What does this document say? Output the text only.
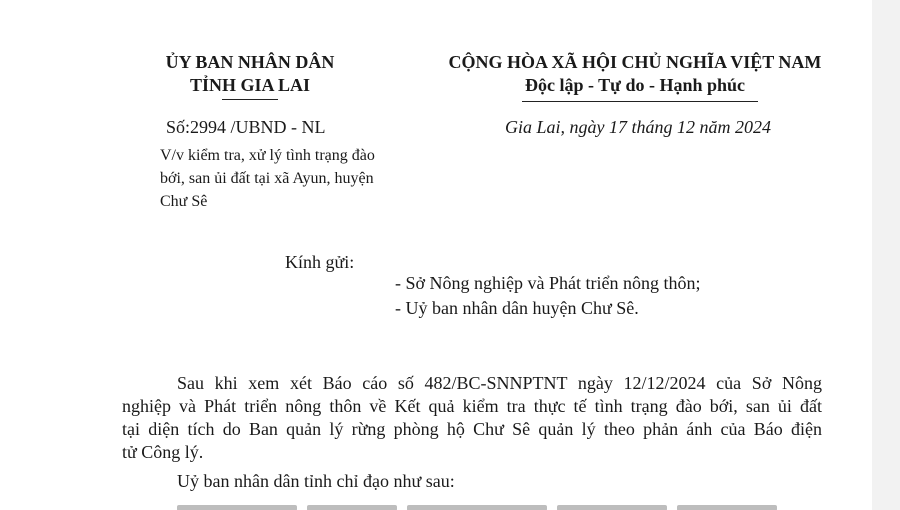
ỦY BAN NHÂN DÂN
TỈNH GIA LAI
CỘNG HÒA XÃ HỘI CHỦ NGHĨA VIỆT NAM
Độc lập - Tự do - Hạnh phúc
Số:2994 /UBND - NL	Gia Lai, ngày 17 tháng 12 năm 2024
V/v kiểm tra, xử lý tình trạng đào
bới, san ủi đất tại xã Ayun, huyện
Chư Sê
Kính gửi:
- Sở Nông nghiệp và Phát triển nông thôn;
- Uỷ ban nhân dân huyện Chư Sê.
Sau khi xem xét Báo cáo số 482/BC-SNNPTNT ngày 12/12/2024 của Sở Nông
nghiệp và Phát triển nông thôn về Kết quả kiểm tra thực tế tình trạng đào bới, san ủi đất
tại diện tích do Ban quản lý rừng phòng hộ Chư Sê quản lý theo phản ánh của Báo điện
tử Công lý.
Uỷ ban nhân dân tỉnh chỉ đạo như sau:
